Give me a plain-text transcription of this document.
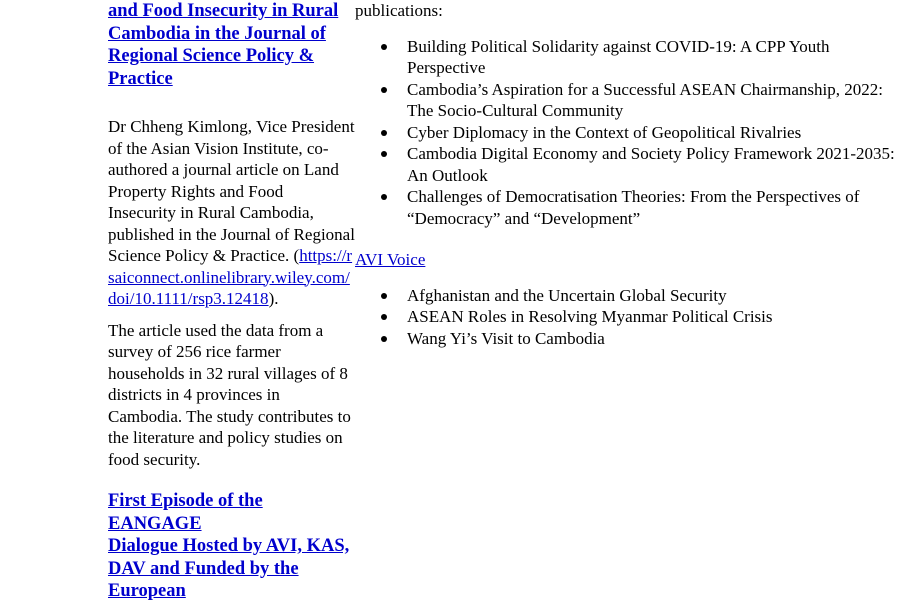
and Food Insecurity in Rural
Cambodia in the Journal of
Regional Science Policy & Practice

Dr Chheng Kimlong, Vice President of the Asian Vision Institute, co-authored a journal article on Land Property Rights and Food Insecurity in Rural Cambodia, published in the Journal of Regional Science Policy & Practice. (https://rsaiconnect.onlinelibrary.wiley.com/doi/10.1111/rsp3.12418).

The article used the data from a survey of 256 rice farmer households in 32 rural villages of 8 districts in 4 provinces in Cambodia. The study contributes to the literature and policy studies on food security.

First Episode of the EANGAGE
Dialogue Hosted by AVI, KAS,
DAV and Funded by the European

publications:

Building Political Solidarity against COVID-19: A CPP Youth Perspective
Cambodia’s Aspiration for a Successful ASEAN Chairmanship, 2022: The Socio-Cultural Community
Cyber Diplomacy in the Context of Geopolitical Rivalries
Cambodia Digital Economy and Society Policy Framework 2021-2035: An Outlook
Challenges of Democratisation Theories: From the Perspectives of “Democracy” and “Development”
AVI Voice
Afghanistan and the Uncertain Global Security
ASEAN Roles in Resolving Myanmar Political Crisis
Wang Yi’s Visit to Cambodia
